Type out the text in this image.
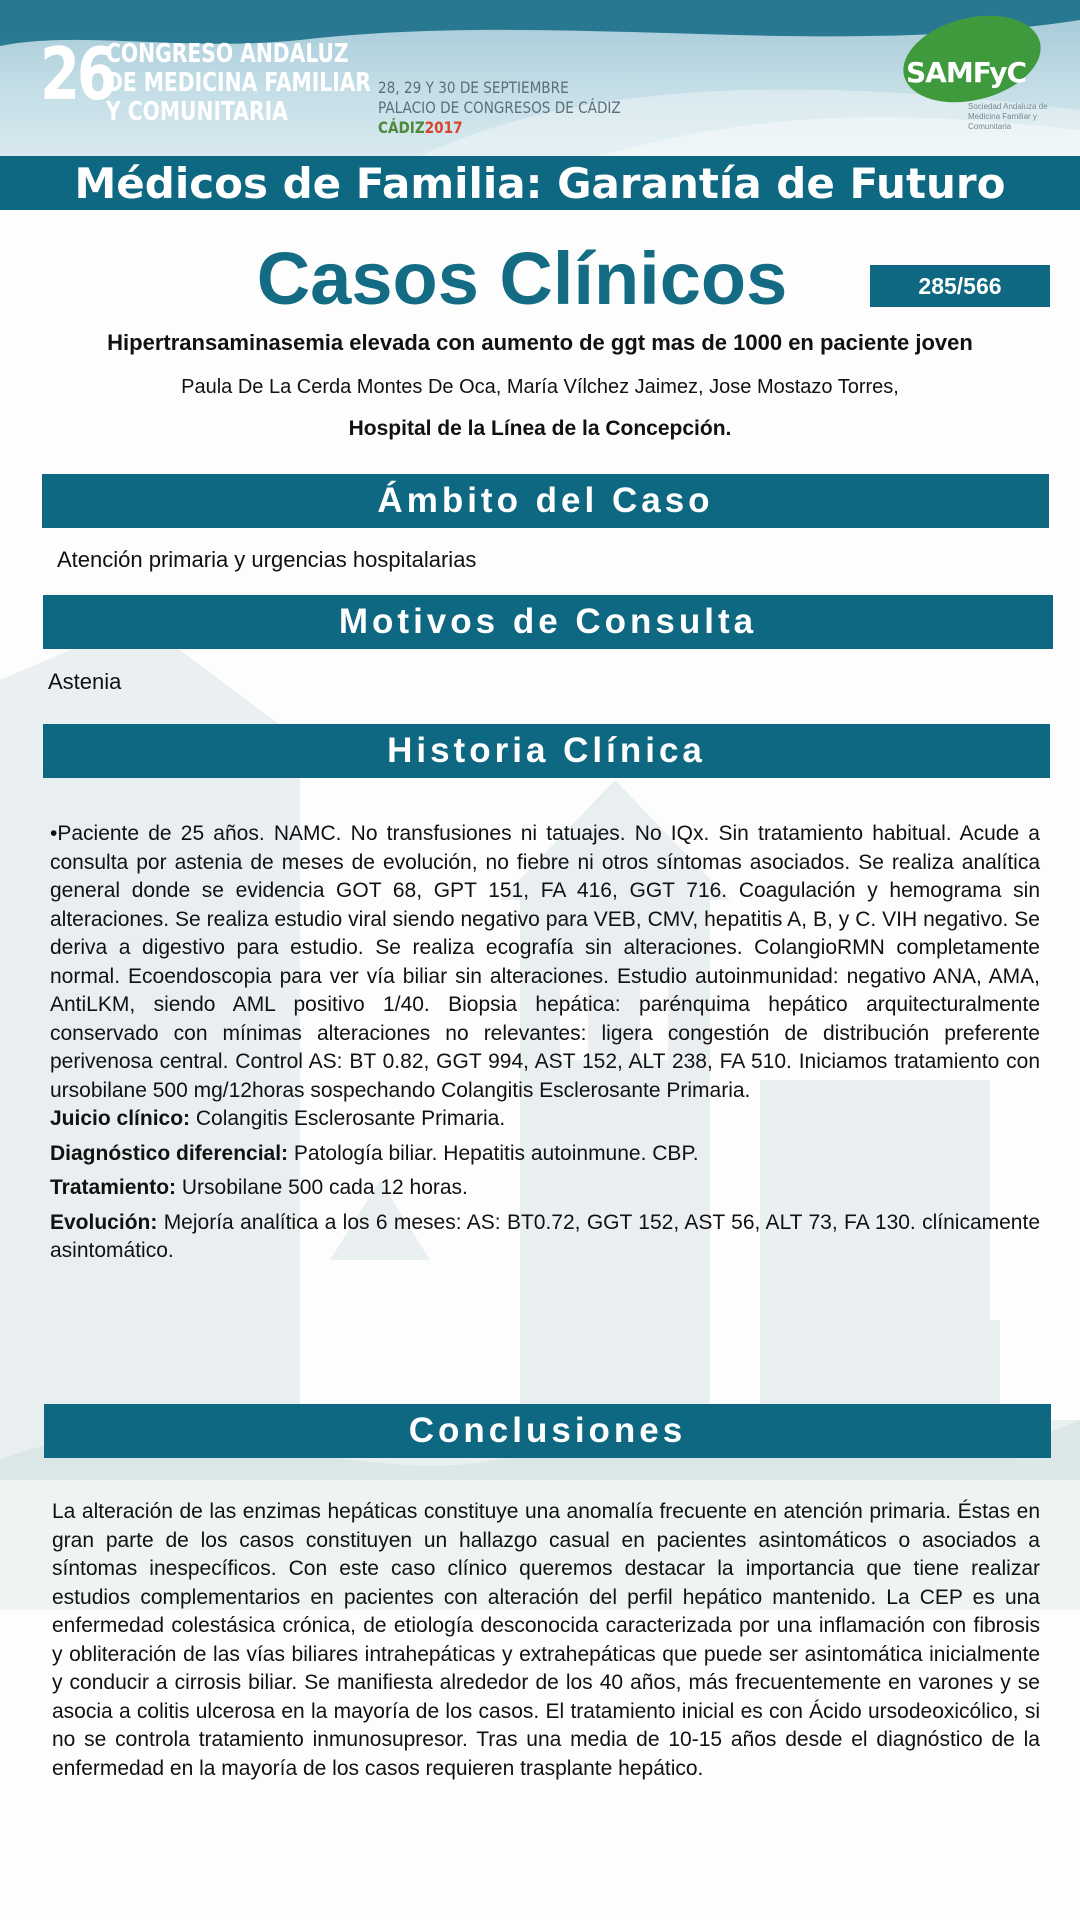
26
CONGRESO ANDALUZ
DE MEDICINA FAMILIAR
Y COMUNITARIA
28, 29 Y 30 DE SEPTIEMBRE
PALACIO DE CONGRESOS DE CÁDIZ
CÁDIZ2017
SAMFyC
Sociedad Andaluza de Medicina Familiar y Comunitaria
Médicos de Familia: Garantía de Futuro
Casos Clínicos	285/566
Hipertransaminasemia elevada con aumento de ggt mas de 1000 en paciente joven
Paula De La Cerda Montes De Oca, María Vílchez Jaimez, Jose Mostazo Torres,
Hospital de la Línea de la Concepción.
Ámbito del Caso
Atención primaria y urgencias hospitalarias
Motivos de Consulta
Astenia
Historia Clínica

•Paciente de 25 años. NAMC. No transfusiones ni tatuajes. No IQx. Sin tratamiento habitual. Acude a consulta por astenia de meses de evolución, no fiebre ni otros síntomas asociados. Se realiza analítica general donde se evidencia GOT 68, GPT 151, FA 416, GGT 716. Coagulación y hemograma sin alteraciones. Se realiza estudio viral siendo negativo para VEB, CMV, hepatitis A, B, y C. VIH negativo. Se deriva a digestivo para estudio. Se realiza ecografía sin alteraciones. ColangioRMN completamente normal. Ecoendoscopia para ver vía biliar sin alteraciones. Estudio autoinmunidad: negativo ANA, AMA, AntiLKM, siendo AML positivo 1/40. Biopsia hepática: parénquima hepático arquitecturalmente conservado con mínimas alteraciones no relevantes: ligera congestión de distribución preferente perivenosa central. Control AS: BT 0.82, GGT 994, AST 152, ALT 238, FA 510. Iniciamos tratamiento con ursobilane 500 mg/12horas sospechando Colangitis Esclerosante Primaria.

Juicio clínico: Colangitis Esclerosante Primaria.

Diagnóstico diferencial: Patología biliar. Hepatitis autoinmune. CBP.

Tratamiento: Ursobilane 500 cada 12 horas.

Evolución: Mejoría analítica a los 6 meses: AS: BT0.72, GGT 152, AST 56, ALT 73, FA 130. clínicamente asintomático.

Conclusiones
La alteración de las enzimas hepáticas constituye una anomalía frecuente en atención primaria. Éstas en gran parte de los casos constituyen un hallazgo casual en pacientes asintomáticos o asociados a síntomas inespecíficos. Con este caso clínico queremos destacar la importancia que tiene realizar estudios complementarios en pacientes con alteración del perfil hepático mantenido. La CEP es una enfermedad colestásica crónica, de etiología desconocida caracterizada por una inflamación con fibrosis y obliteración de las vías biliares intrahepáticas y extrahepáticas que puede ser asintomática inicialmente y conducir a cirrosis biliar. Se manifiesta alrededor de los 40 años, más frecuentemente en varones y se asocia a colitis ulcerosa en la mayoría de los casos. El tratamiento inicial es con Ácido ursodeoxicólico, si no se controla tratamiento inmunosupresor. Tras una media de 10-15 años desde el diagnóstico de la enfermedad en la mayoría de los casos requieren trasplante hepático.
